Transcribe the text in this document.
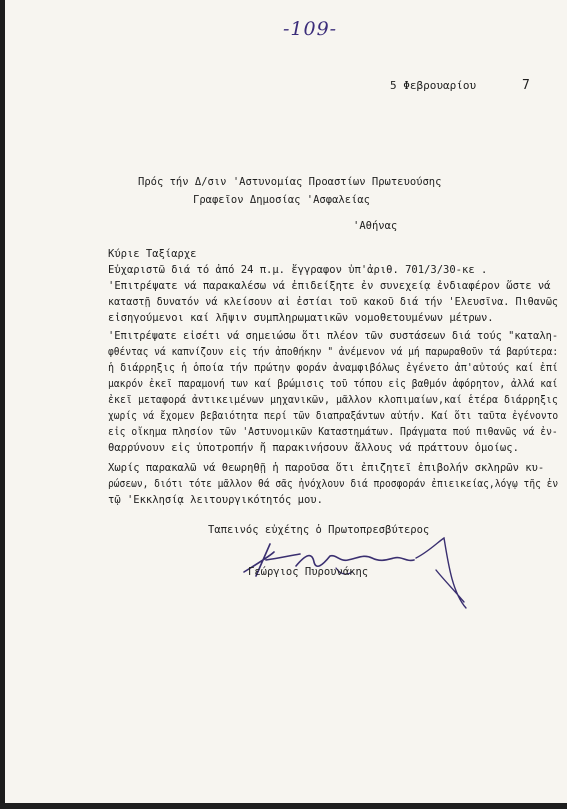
-109-
5 Φεβρουαρίου	7
Πρός τήν Δ/σιν 'Αστυνομίας Προαστίων Πρωτευούσης
Γραφεῖον Δημοσίας 'Ασφαλείας
'Αθήνας
Κύριε Ταξίαρχε
Εὐχαριστῶ διά τό ἀπό 24 π.μ. ἔγγραφον ὑπ'ἀριθ. 701/3/30-κε .
'Επιτρέψατε νά παρακαλέσω νά ἐπιδείξητε ἐν συνεχείᾳ ἐνδιαφέρον ὥστε νά
καταστῇ δυνατόν νά κλείσουν αἱ ἐστίαι τοῦ κακοῦ διά τήν 'Ελευσῖνα. Πιθανῶς
εἰσηγούμενοι καί λῆψιν συμπληρωματικῶν νομοθετουμένων μέτρων.
'Επιτρέψατε εἰσέτι νά σημειώσω ὅτι πλέον τῶν συστάσεων διά τούς "καταλη-
φθέντας νά καπνίζουν εἰς τήν ἀποθήκην " ἀνέμενον νά μή παρωραθοῦν τά βαρύτερα:
ἡ διάρρηξις ἡ ὁποία τήν πρώτην φοράν ἀναμφιβόλως ἐγένετο ἀπ'αὐτούς καί ἐπί
μακρόν ἐκεῖ παραμονή των καί βρώμισις τοῦ τόπου εἰς βαθμόν ἀφόρητον, ἀλλά καί
ἐκεῖ μεταφορά ἀντικειμένων μηχανικῶν, μᾶλλον κλοπιμαίων,καί ἑτέρα διάρρηξις
χωρίς νά ἔχομεν βεβαιότητα περί τῶν διαπραξάντων αὐτήν. Καί ὅτι ταῦτα ἐγένοντο
εἰς οἴκημα πλησίον τῶν 'Αστυνομικῶν Καταστημάτων. Πράγματα πού πιθανῶς νά ἐν-
θαρρύνουν εἰς ὑποτροπήν ἤ παρακινήσουν ἄλλους νά πράττουν ὁμοίως.
Χωρίς παρακαλῶ νά θεωρηθῇ ἡ παροῦσα ὅτι ἐπιζητεῖ ἐπιβολήν σκληρῶν κυ-
ρώσεων, διότι τότε μᾶλλον θά σᾶς ἠνόχλουν διά προσφοράν ἐπιεικείας,λόγῳ τῆς ἐν
τῷ 'Εκκλησίᾳ λειτουργικότητός μου.
Ταπεινός εὐχέτης ὁ Πρωτοπρεσβύτερος
Γεώργιος Πυρουνάκης
